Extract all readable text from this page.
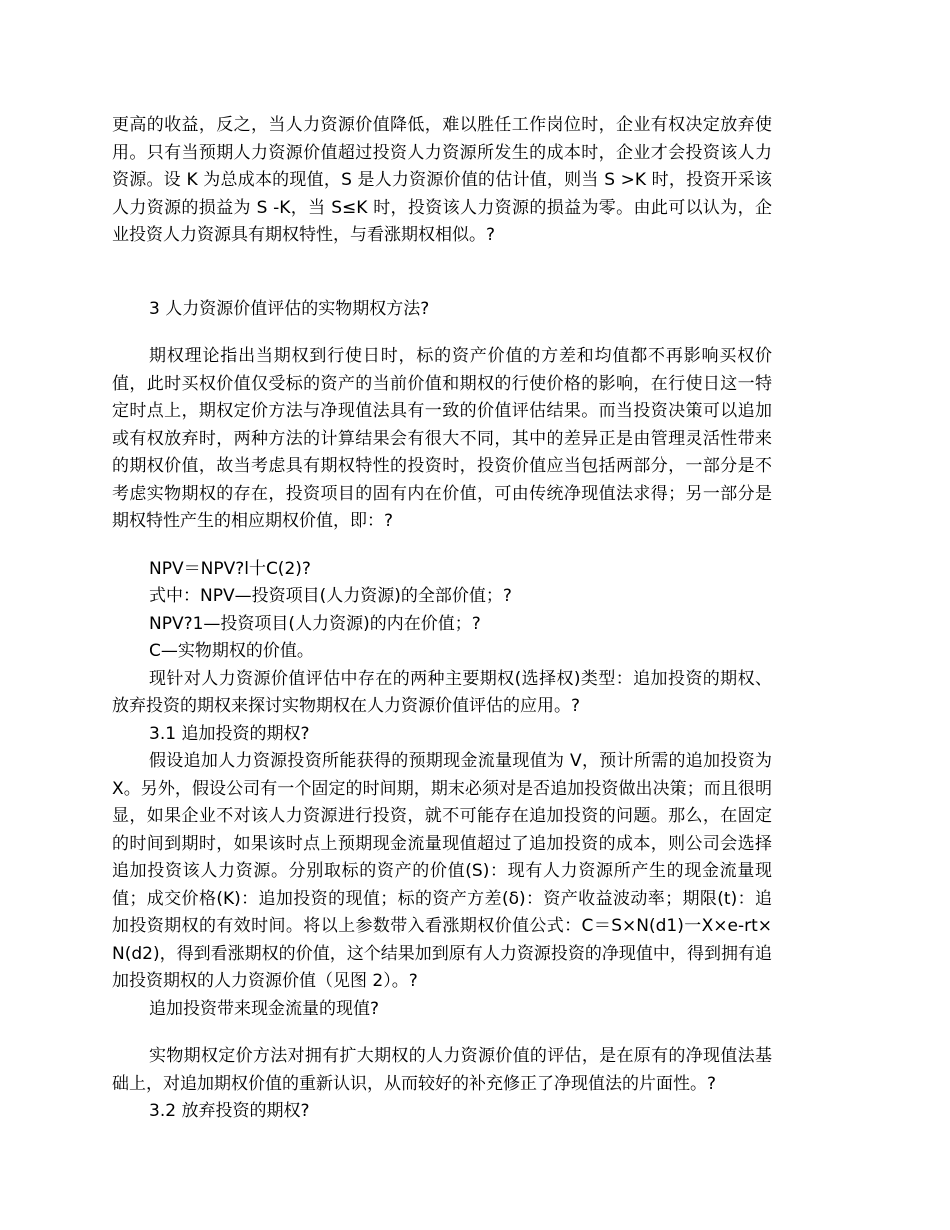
更高的收益，反之，当人力资源价值降低，难以胜任工作岗位时，企业有权决定放弃使用。只有当预期人力资源价值超过投资人力资源所发生的成本时，企业才会投资该人力资源。设 K 为总成本的现值，S 是人力资源价值的估计值，则当 S >K 时，投资开采该人力资源的损益为 S -K，当 S≤K 时，投资该人力资源的损益为零。由此可以认为，企业投资人力资源具有期权特性，与看涨期权相似。?

3 人力资源价值评估的实物期权方法?

期权理论指出当期权到行使日时，标的资产价值的方差和均值都不再影响买权价值，此时买权价值仅受标的资产的当前价值和期权的行使价格的影响，在行使日这一特定时点上，期权定价方法与净现值法具有一致的价值评估结果。而当投资决策可以追加或有权放弃时，两种方法的计算结果会有很大不同，其中的差异正是由管理灵活性带来的期权价值，故当考虑具有期权特性的投资时，投资价值应当包括两部分，一部分是不考虑实物期权的存在，投资项目的固有内在价值，可由传统净现值法求得；另一部分是期权特性产生的相应期权价值，即：?

NPV＝NPV?l十C(2)?

式中：NPV—投资项目(人力资源)的全部价值；?

NPV?1—投资项目(人力资源)的内在价值；?

C—实物期权的价值。

现针对人力资源价值评估中存在的两种主要期权(选择权)类型：追加投资的期权、放弃投资的期权来探讨实物期权在人力资源价值评估的应用。?

3.1 追加投资的期权?

假设追加人力资源投资所能获得的预期现金流量现值为 V，预计所需的追加投资为 X。另外，假设公司有一个固定的时间期，期末必须对是否追加投资做出决策；而且很明显，如果企业不对该人力资源进行投资，就不可能存在追加投资的问题。那么，在固定的时间到期时，如果该时点上预期现金流量现值超过了追加投资的成本，则公司会选择追加投资该人力资源。分别取标的资产的价值(S)：现有人力资源所产生的现金流量现值；成交价格(K)：追加投资的现值；标的资产方差(δ)：资产收益波动率；期限(t)：追加投资期权的有效时间。将以上参数带入看涨期权价值公式：C＝S×N(d1)一X×e-rt×N(d2)，得到看涨期权的价值，这个结果加到原有人力资源投资的净现值中，得到拥有追加投资期权的人力资源价值（见图 2）。?

追加投资带来现金流量的现值?

实物期权定价方法对拥有扩大期权的人力资源价值的评估，是在原有的净现值法基础上，对追加期权价值的重新认识，从而较好的补充修正了净现值法的片面性。?

3.2 放弃投资的期权?
